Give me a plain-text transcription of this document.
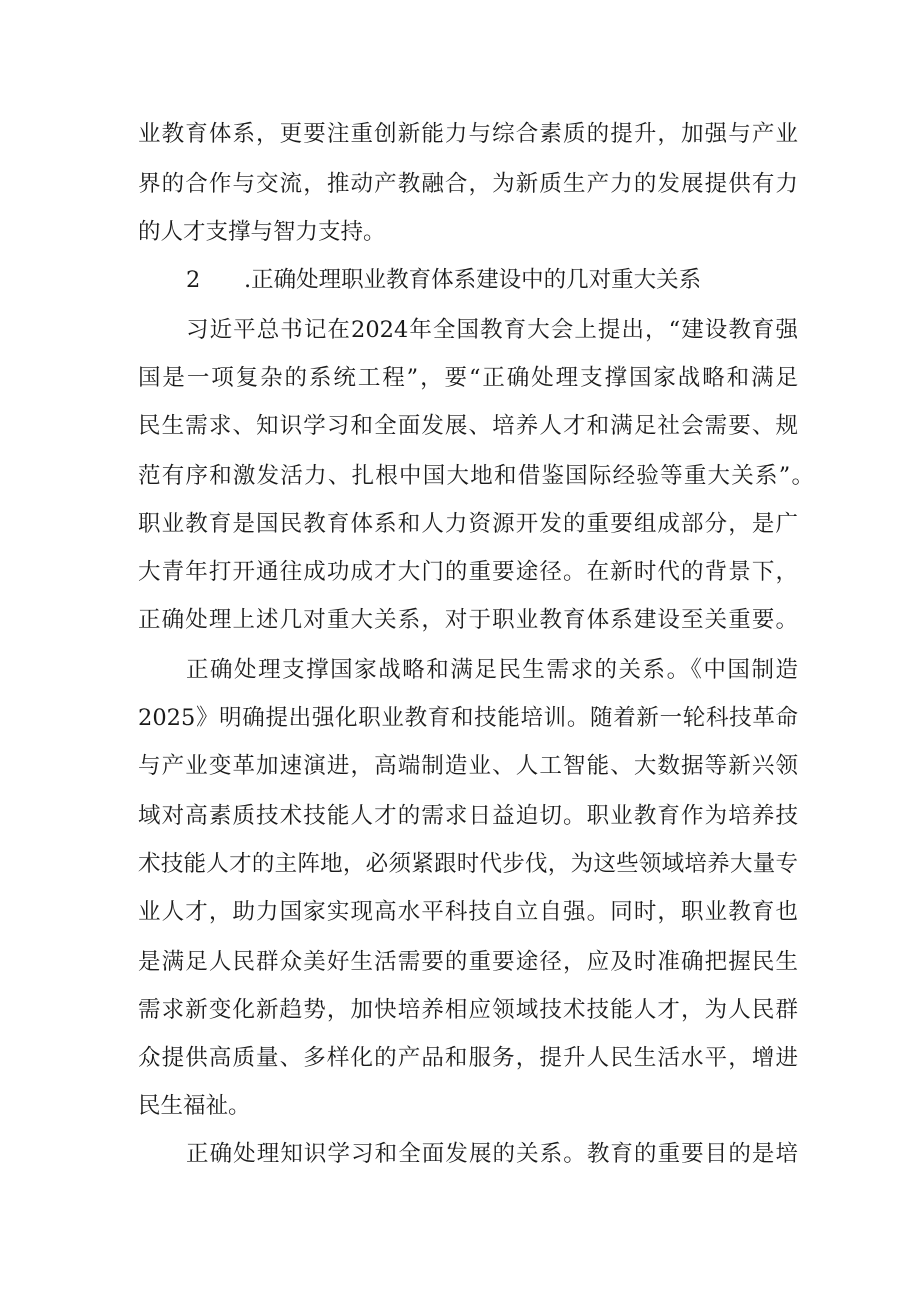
业教育体系，更要注重创新能力与综合素质的提升，加强与产业
界的合作与交流，推动产教融合，为新质生产力的发展提供有力
的人才支撑与智力支持。
2 .正确处理职业教育体系建设中的几对重大关系
习近平总书记在2024年全国教育大会上提出，“建设教育强
国是一项复杂的系统工程”，要“正确处理支撑国家战略和满足
民生需求、知识学习和全面发展、培养人才和满足社会需要、规
范有序和激发活力、扎根中国大地和借鉴国际经验等重大关系”。
职业教育是国民教育体系和人力资源开发的重要组成部分，是广
大青年打开通往成功成才大门的重要途径。在新时代的背景下，
正确处理上述几对重大关系，对于职业教育体系建设至关重要。
正确处理支撑国家战略和满足民生需求的关系。《中国制造
2025》明确提出强化职业教育和技能培训。随着新一轮科技革命
与产业变革加速演进，高端制造业、人工智能、大数据等新兴领
域对高素质技术技能人才的需求日益迫切。职业教育作为培养技
术技能人才的主阵地，必须紧跟时代步伐，为这些领域培养大量专
业人才，助力国家实现高水平科技自立自强。同时，职业教育也
是满足人民群众美好生活需要的重要途径，应及时准确把握民生
需求新变化新趋势，加快培养相应领域技术技能人才，为人民群
众提供高质量、多样化的产品和服务，提升人民生活水平，增进
民生福祉。
正确处理知识学习和全面发展的关系。教育的重要目的是培
